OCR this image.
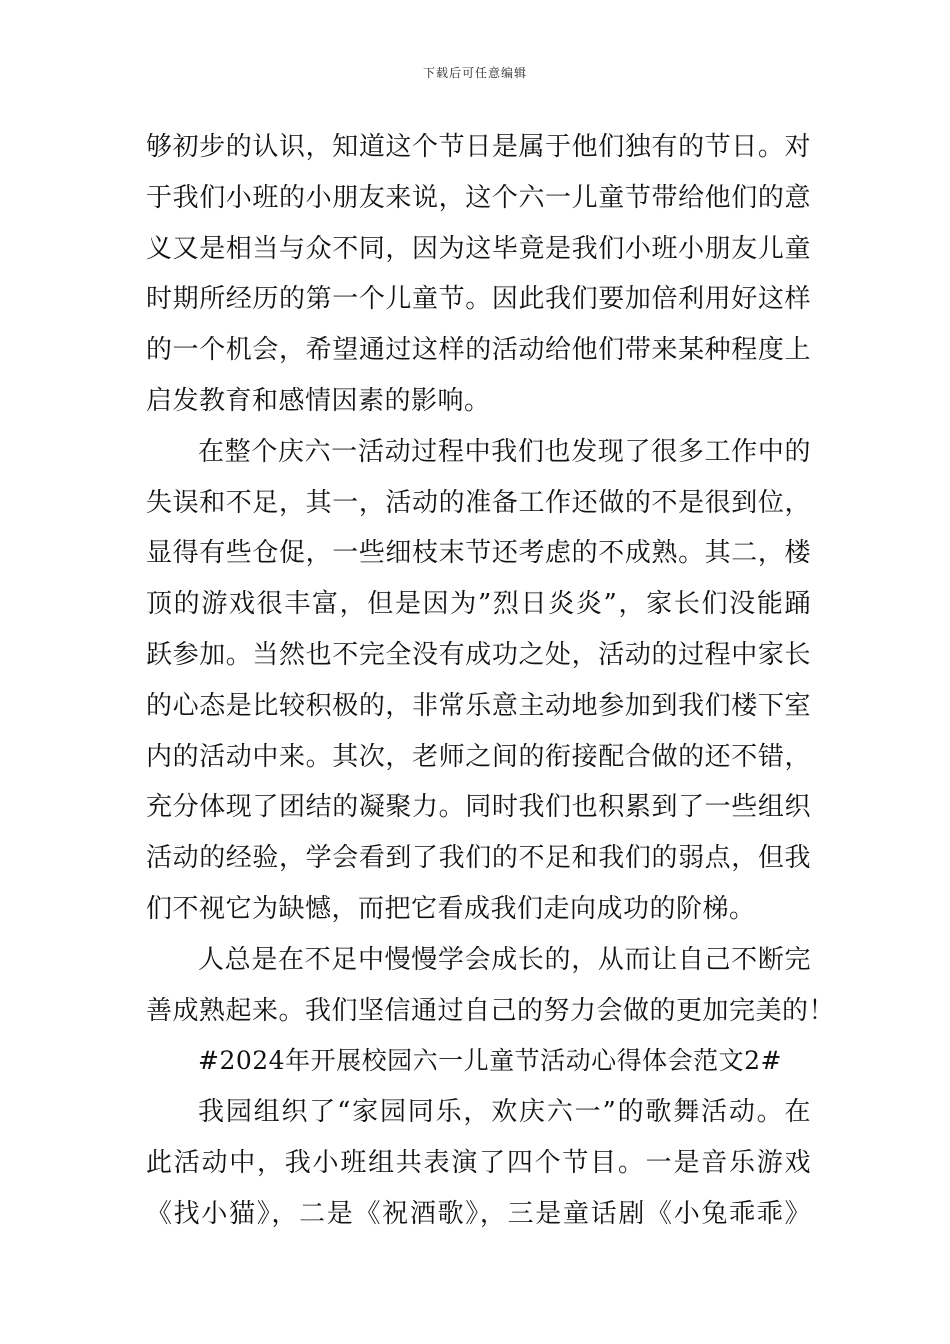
下载后可任意编辑
够初步的认识，知道这个节日是属于他们独有的节日。对
于我们小班的小朋友来说，这个六一儿童节带给他们的意
义又是相当与众不同，因为这毕竟是我们小班小朋友儿童
时期所经历的第一个儿童节。因此我们要加倍利用好这样
的一个机会，希望通过这样的活动给他们带来某种程度上
启发教育和感情因素的影响。
在整个庆六一活动过程中我们也发现了很多工作中的
失误和不足，其一，活动的准备工作还做的不是很到位，
显得有些仓促，一些细枝末节还考虑的不成熟。其二，楼
顶的游戏很丰富，但是因为”烈日炎炎”，家长们没能踊
跃参加。当然也不完全没有成功之处，活动的过程中家长
的心态是比较积极的，非常乐意主动地参加到我们楼下室
内的活动中来。其次，老师之间的衔接配合做的还不错，
充分体现了团结的凝聚力。同时我们也积累到了一些组织
活动的经验，学会看到了我们的不足和我们的弱点，但我
们不视它为缺憾，而把它看成我们走向成功的阶梯。
人总是在不足中慢慢学会成长的，从而让自己不断完
善成熟起来。我们坚信通过自己的努力会做的更加完美的！
#2024年开展校园六一儿童节活动心得体会范文2#
我园组织了“家园同乐，欢庆六一”的歌舞活动。在
此活动中，我小班组共表演了四个节目。一是音乐游戏
《找小猫》，二是《祝酒歌》，三是童话剧《小兔乖乖》
